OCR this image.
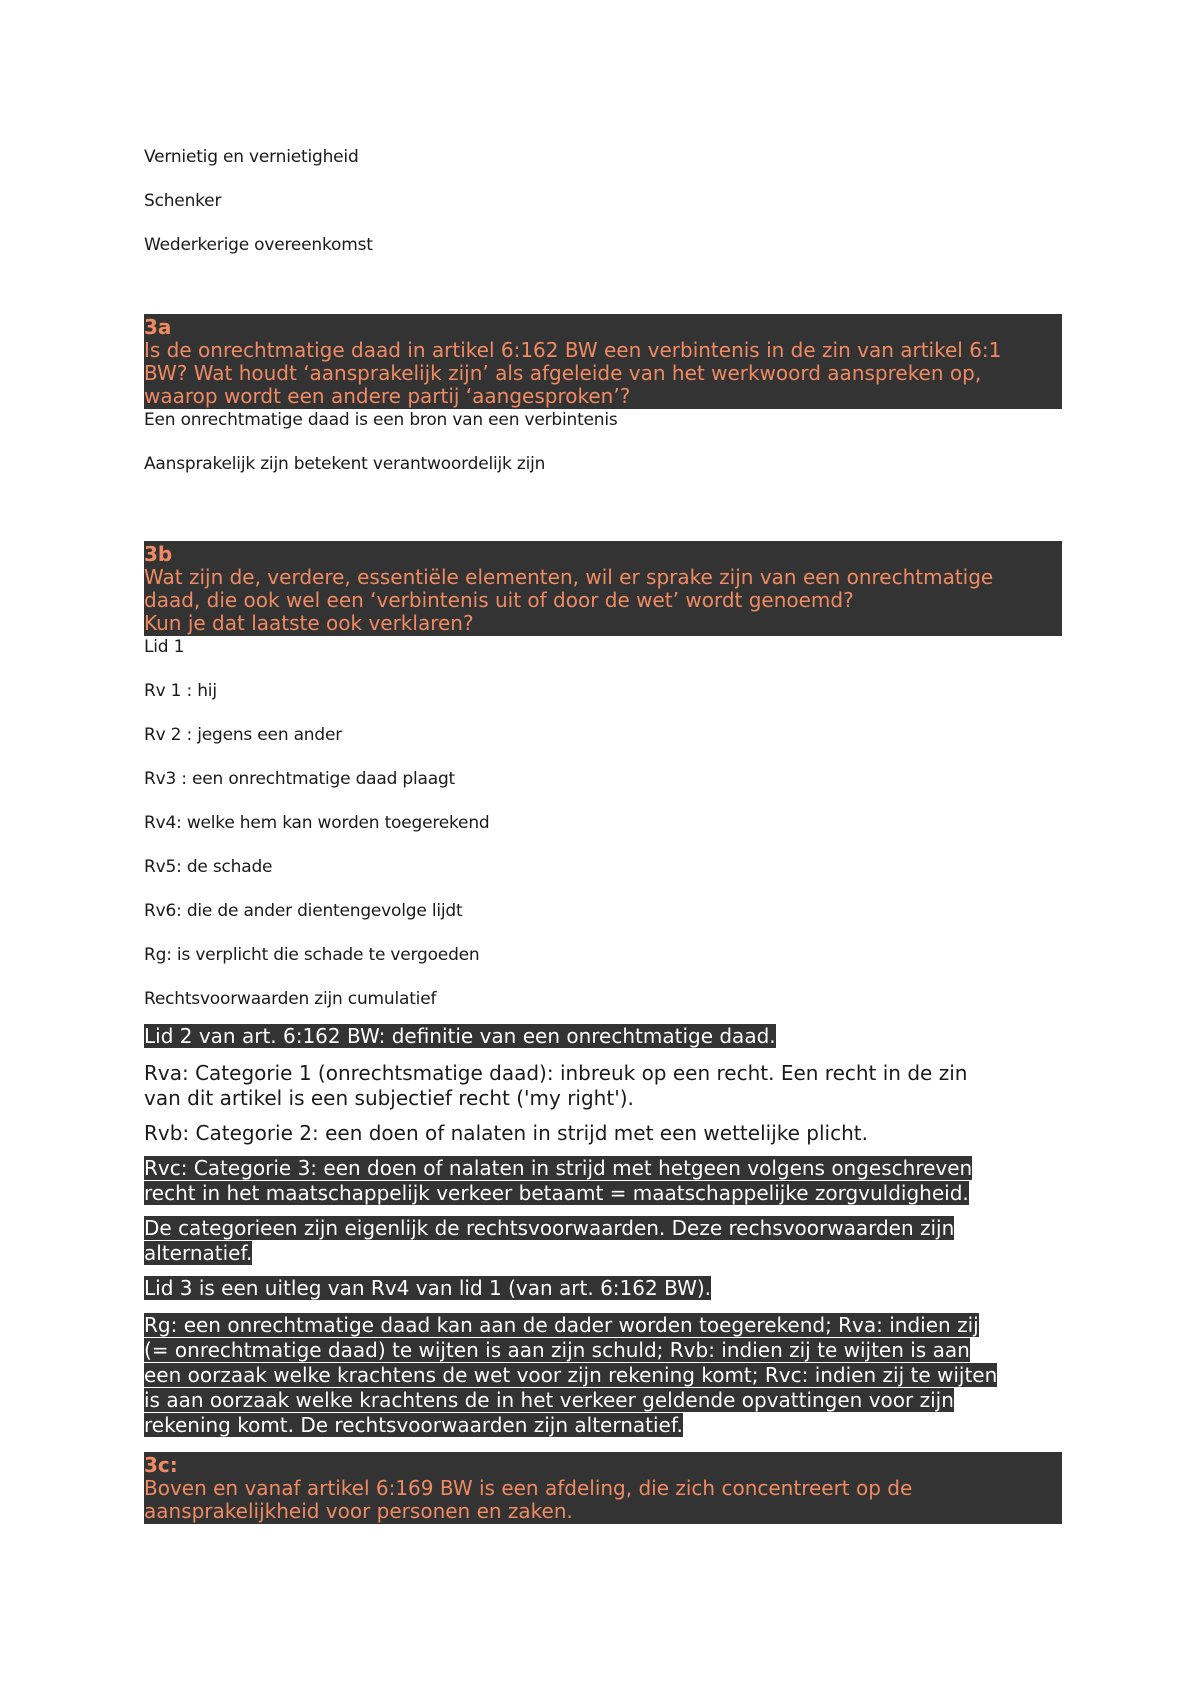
Vernietig en vernietigheid

Schenker

Wederkerige overeenkomst

3a
Is de onrechtmatige daad in artikel 6:162 BW een verbintenis in de zin van artikel 6:1
BW? Wat houdt ‘aansprakelijk zijn’ als afgeleide van het werkwoord aanspreken op,
waarop wordt een andere partij ‘aangesproken’?

Een onrechtmatige daad is een bron van een verbintenis

Aansprakelijk zijn betekent verantwoordelijk zijn

3b
Wat zijn de, verdere, essentiële elementen, wil er sprake zijn van een onrechtmatige
daad, die ook wel een ‘verbintenis uit of door de wet’ wordt genoemd?
Kun je dat laatste ook verklaren?

Lid 1

Rv 1 : hij

Rv 2 : jegens een ander

Rv3 : een onrechtmatige daad plaagt

Rv4: welke hem kan worden toegerekend

Rv5: de schade

Rv6: die de ander dientengevolge lijdt

Rg: is verplicht die schade te vergoeden

Rechtsvoorwaarden zijn cumulatief

Lid 2 van art. 6:162 BW: definitie van een onrechtmatige daad.

Rva: Categorie 1 (onrechtsmatige daad): inbreuk op een recht. Een recht in de zin
van dit artikel is een subjectief recht ('my right').

Rvb: Categorie 2: een doen of nalaten in strijd met een wettelijke plicht.

Rvc: Categorie 3: een doen of nalaten in strijd met hetgeen volgens ongeschreven
recht in het maatschappelijk verkeer betaamt = maatschappelijke zorgvuldigheid.

De categorieen zijn eigenlijk de rechtsvoorwaarden. Deze rechsvoorwaarden zijn
alternatief.

Lid 3 is een uitleg van Rv4 van lid 1 (van art. 6:162 BW).

Rg: een onrechtmatige daad kan aan de dader worden toegerekend; Rva: indien zij
(= onrechtmatige daad) te wijten is aan zijn schuld; Rvb: indien zij te wijten is aan
een oorzaak welke krachtens de wet voor zijn rekening komt; Rvc: indien zij te wijten
is aan oorzaak welke krachtens de in het verkeer geldende opvattingen voor zijn
rekening komt. De rechtsvoorwaarden zijn alternatief.

3c:
Boven en vanaf artikel 6:169 BW is een afdeling, die zich concentreert op de
aansprakelijkheid voor personen en zaken.
